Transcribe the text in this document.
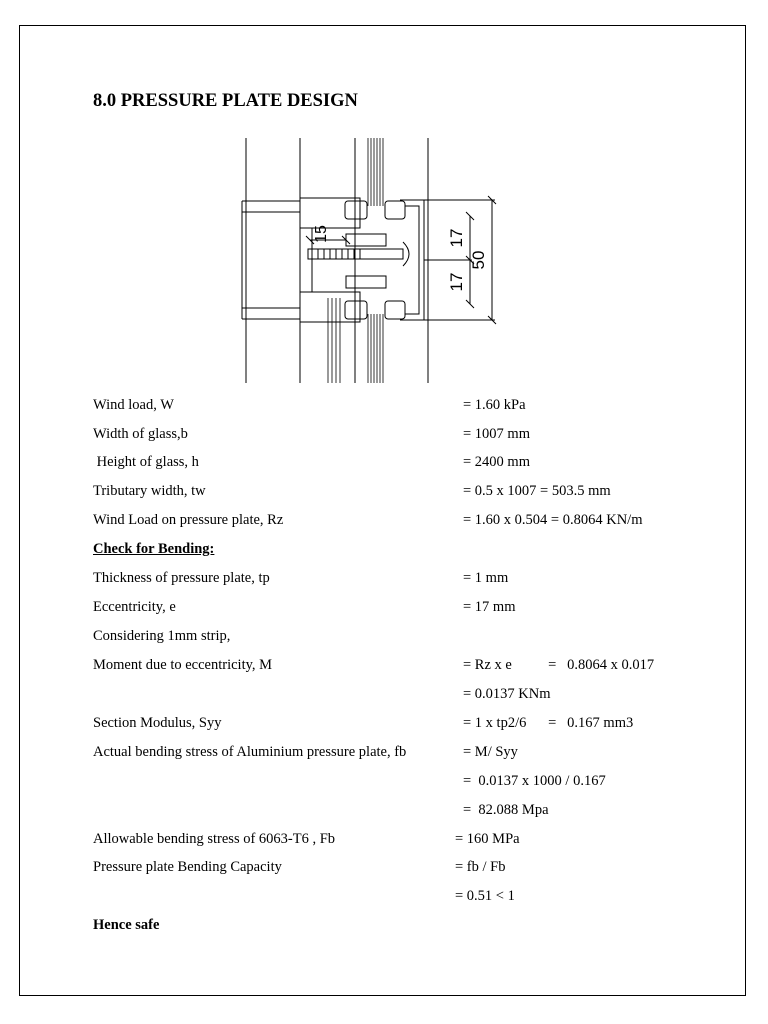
8.0 PRESSURE PLATE DESIGN
15	17
17
50
Wind load, W	= 1.60 kPa
Width of glass,b	= 1007 mm
Height of glass, h	= 2400 mm
Tributary width, tw	= 0.5 x 1007 = 503.5 mm
Wind Load on pressure plate, Rz	= 1.60 x 0.504 = 0.8064 KN/m
Check for Bending:
Thickness of pressure plate, tp	= 1 mm
Eccentricity, e	= 17 mm
Considering 1mm strip,
Moment due to eccentricity, M	= Rz x e          =   0.8064 x 0.017
= 0.0137 KNm
Section Modulus, Syy	= 1 x tp2/6      =   0.167 mm3
Actual bending stress of Aluminium pressure plate, fb	= M/ Syy
=  0.0137 x 1000 / 0.167
=  82.088 Mpa
Allowable bending stress of 6063-T6 , Fb	= 160 MPa
Pressure plate Bending Capacity	= fb / Fb
= 0.51 < 1
Hence safe
